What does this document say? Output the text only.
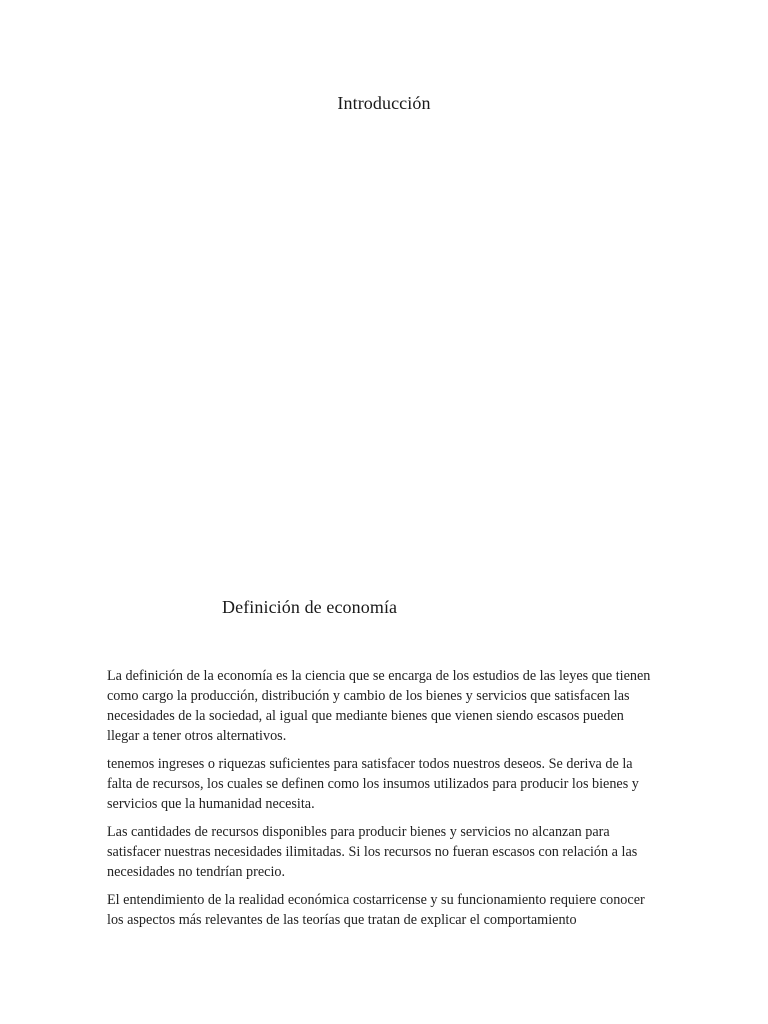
Introducción
Definición de economía

La definición de la economía es la ciencia que se encarga de los estudios de las leyes que tienen como cargo la producción, distribución y cambio de los bienes y servicios que satisfacen las necesidades de la sociedad, al igual que mediante bienes que vienen siendo escasos pueden llegar a tener otros alternativos.

tenemos ingreses o riquezas suficientes para satisfacer todos nuestros deseos. Se deriva de la falta de recursos, los cuales se definen como los insumos utilizados para producir los bienes y servicios que la humanidad necesita.

Las cantidades de recursos disponibles para producir bienes y servicios no alcanzan para satisfacer nuestras necesidades ilimitadas. Si los recursos no fueran escasos con relación a las necesidades no tendrían precio.

El entendimiento de la realidad económica costarricense y su funcionamiento requiere conocer los aspectos más relevantes de las teorías que tratan de explicar el comportamiento
